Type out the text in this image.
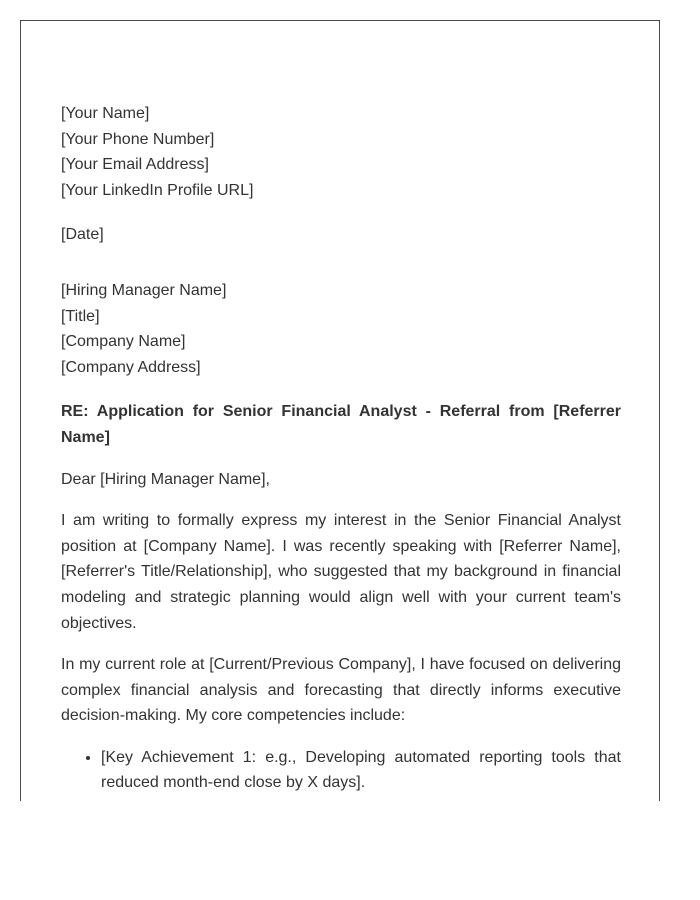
[Your Name]
[Your Phone Number]
[Your Email Address]
[Your LinkedIn Profile URL]
[Date]
[Hiring Manager Name]
[Title]
[Company Name]
[Company Address]

RE: Application for Senior Financial Analyst - Referral from [Referrer Name]

Dear [Hiring Manager Name],

I am writing to formally express my interest in the Senior Financial Analyst position at [Company Name]. I was recently speaking with [Referrer Name], [Referrer's Title/Relationship], who suggested that my background in financial modeling and strategic planning would align well with your current team's objectives.

In my current role at [Current/Previous Company], I have focused on delivering complex financial analysis and forecasting that directly informs executive decision-making. My core competencies include:

• [Key Achievement 1: e.g., Developing automated reporting tools that reduced month-end close by X days].
